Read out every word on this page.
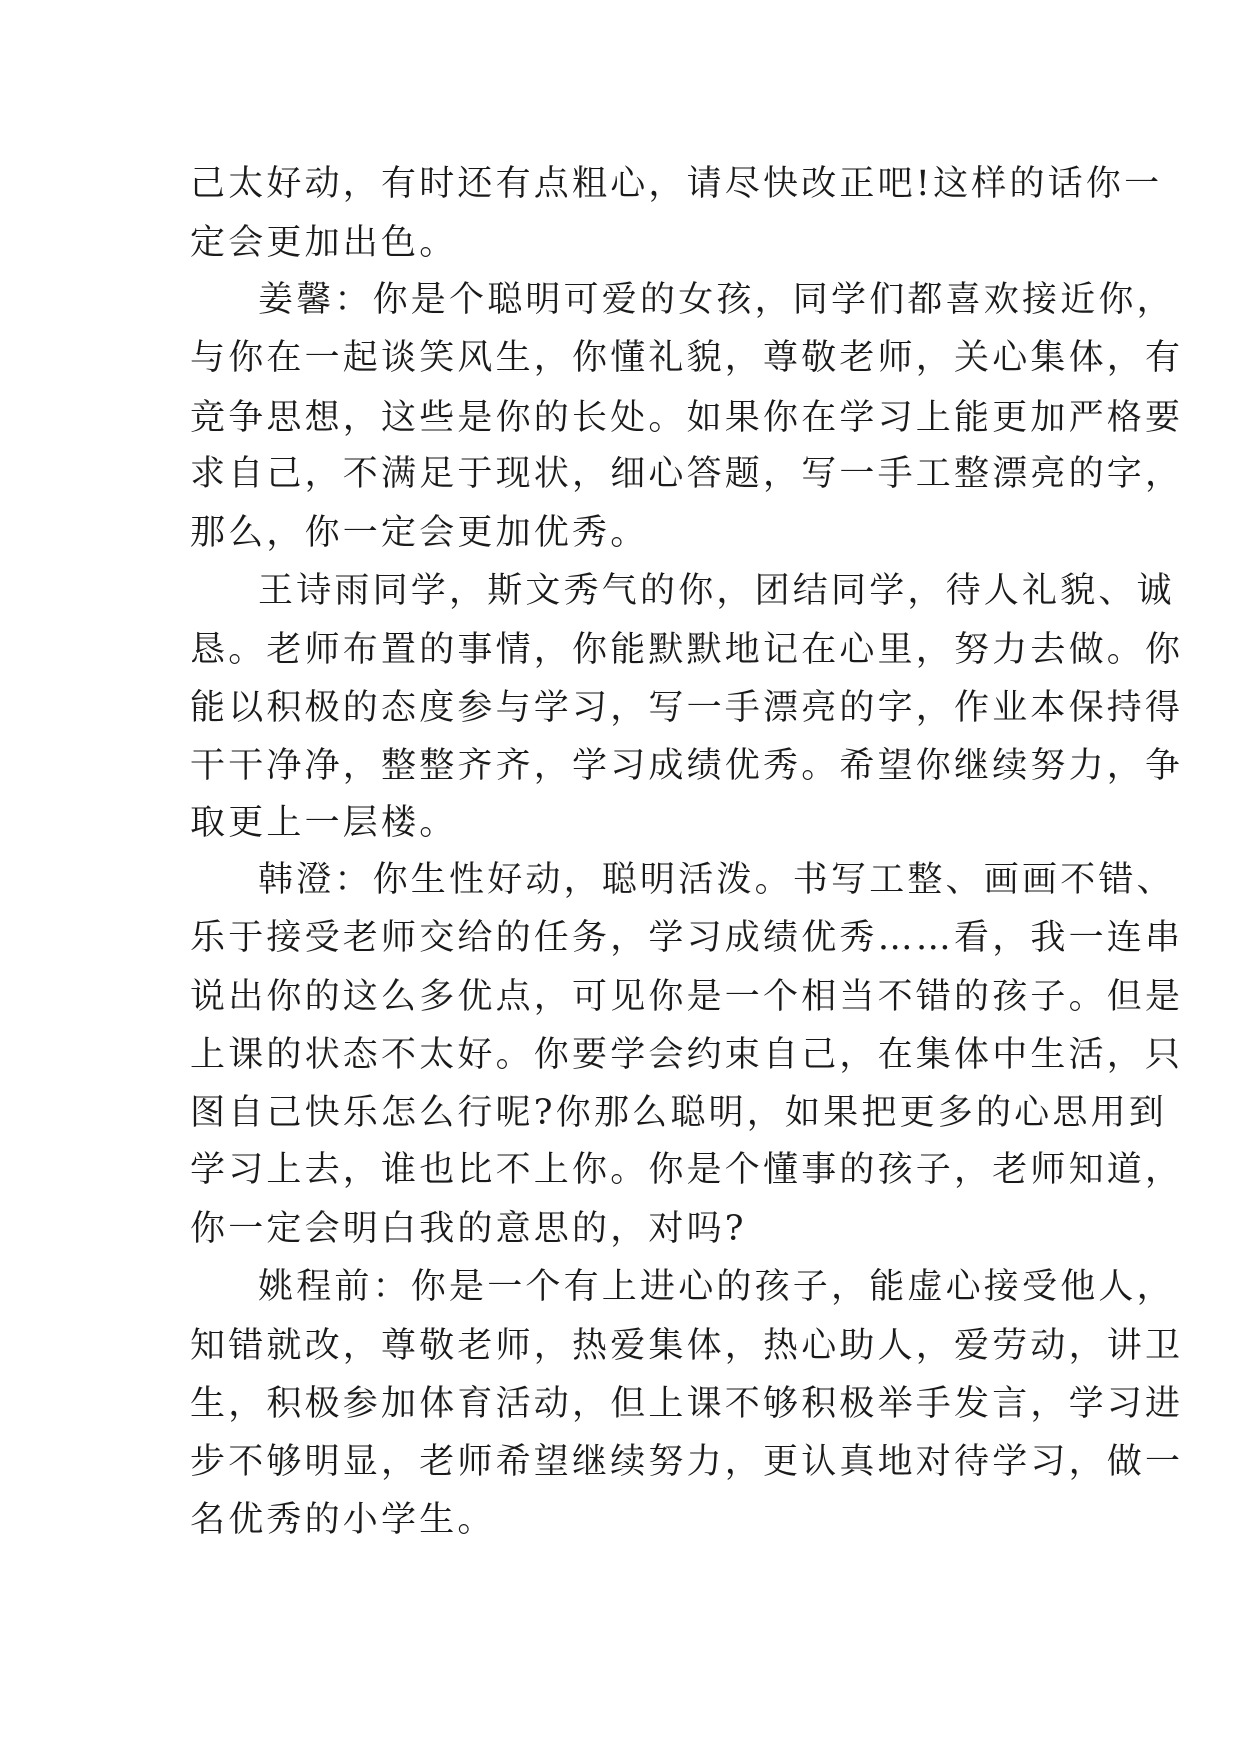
己太好动，有时还有点粗心，请尽快改正吧!这样的话你一
定会更加出色。
姜馨：你是个聪明可爱的女孩，同学们都喜欢接近你，
与你在一起谈笑风生，你懂礼貌，尊敬老师，关心集体，有
竞争思想，这些是你的长处。如果你在学习上能更加严格要
求自己，不满足于现状，细心答题，写一手工整漂亮的字，
那么，你一定会更加优秀。
王诗雨同学，斯文秀气的你，团结同学，待人礼貌、诚
恳。老师布置的事情，你能默默地记在心里，努力去做。你
能以积极的态度参与学习，写一手漂亮的字，作业本保持得
干干净净，整整齐齐，学习成绩优秀。希望你继续努力，争
取更上一层楼。
韩澄：你生性好动，聪明活泼。书写工整、画画不错、
乐于接受老师交给的任务，学习成绩优秀……看，我一连串
说出你的这么多优点，可见你是一个相当不错的孩子。但是
上课的状态不太好。你要学会约束自己，在集体中生活，只
图自己快乐怎么行呢?你那么聪明，如果把更多的心思用到
学习上去，谁也比不上你。你是个懂事的孩子，老师知道，
你一定会明白我的意思的，对吗?
姚程前：你是一个有上进心的孩子，能虚心接受他人，
知错就改，尊敬老师，热爱集体，热心助人，爱劳动，讲卫
生，积极参加体育活动，但上课不够积极举手发言，学习进
步不够明显，老师希望继续努力，更认真地对待学习，做一
名优秀的小学生。
